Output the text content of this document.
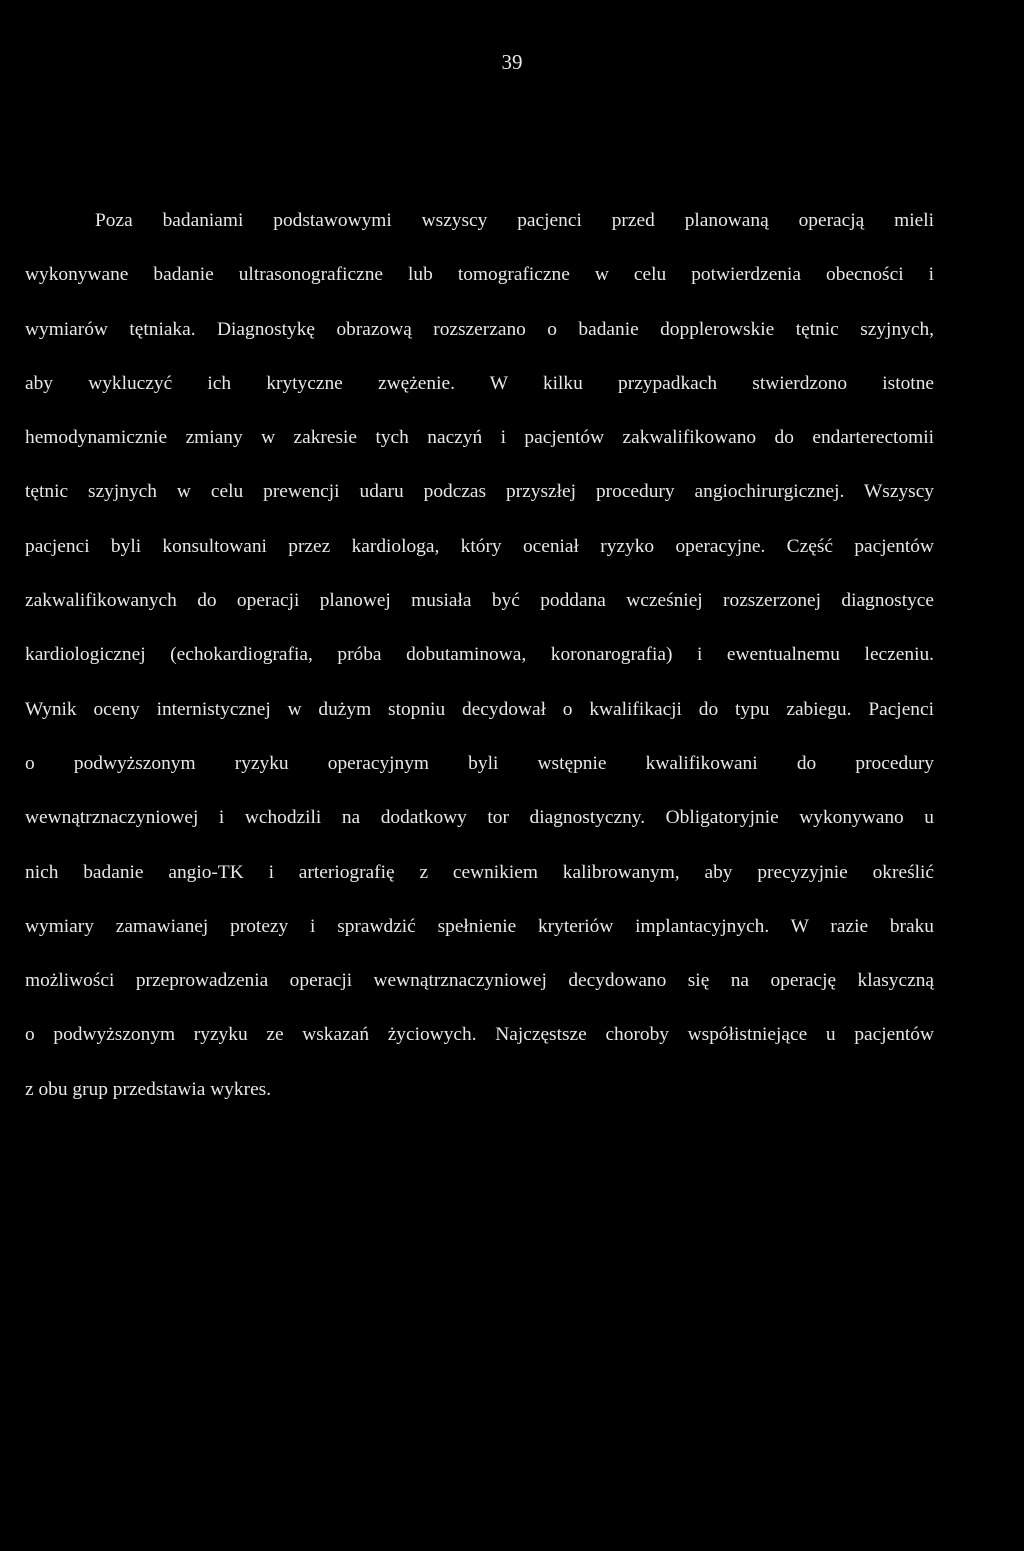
39
Poza badaniami podstawowymi wszyscy pacjenci przed planowaną operacją mieli
wykonywane badanie ultrasonograficzne lub tomograficzne w celu potwierdzenia obecności i
wymiarów tętniaka. Diagnostykę obrazową rozszerzano o badanie dopplerowskie tętnic szyjnych,
aby wykluczyć ich krytyczne zwężenie. W kilku przypadkach stwierdzono istotne
hemodynamicznie zmiany w zakresie tych naczyń i pacjentów zakwalifikowano do endarterectomii
tętnic szyjnych w celu prewencji udaru podczas przyszłej procedury angiochirurgicznej. Wszyscy
pacjenci byli konsultowani przez kardiologa, który oceniał ryzyko operacyjne. Część pacjentów
zakwalifikowanych do operacji planowej musiała być poddana wcześniej rozszerzonej diagnostyce
kardiologicznej (echokardiografia, próba dobutaminowa, koronarografia) i ewentualnemu leczeniu.
Wynik oceny internistycznej w dużym stopniu decydował o kwalifikacji do typu zabiegu. Pacjenci
o podwyższonym ryzyku operacyjnym byli wstępnie kwalifikowani do procedury
wewnątrznaczyniowej i wchodzili na dodatkowy tor diagnostyczny. Obligatoryjnie wykonywano u
nich badanie angio-TK i arteriografię z cewnikiem kalibrowanym, aby precyzyjnie określić
wymiary zamawianej protezy i sprawdzić spełnienie kryteriów implantacyjnych. W razie braku
możliwości przeprowadzenia operacji wewnątrznaczyniowej decydowano się na operację klasyczną
o podwyższonym ryzyku ze wskazań życiowych. Najczęstsze choroby współistniejące u pacjentów
z obu grup przedstawia wykres.
